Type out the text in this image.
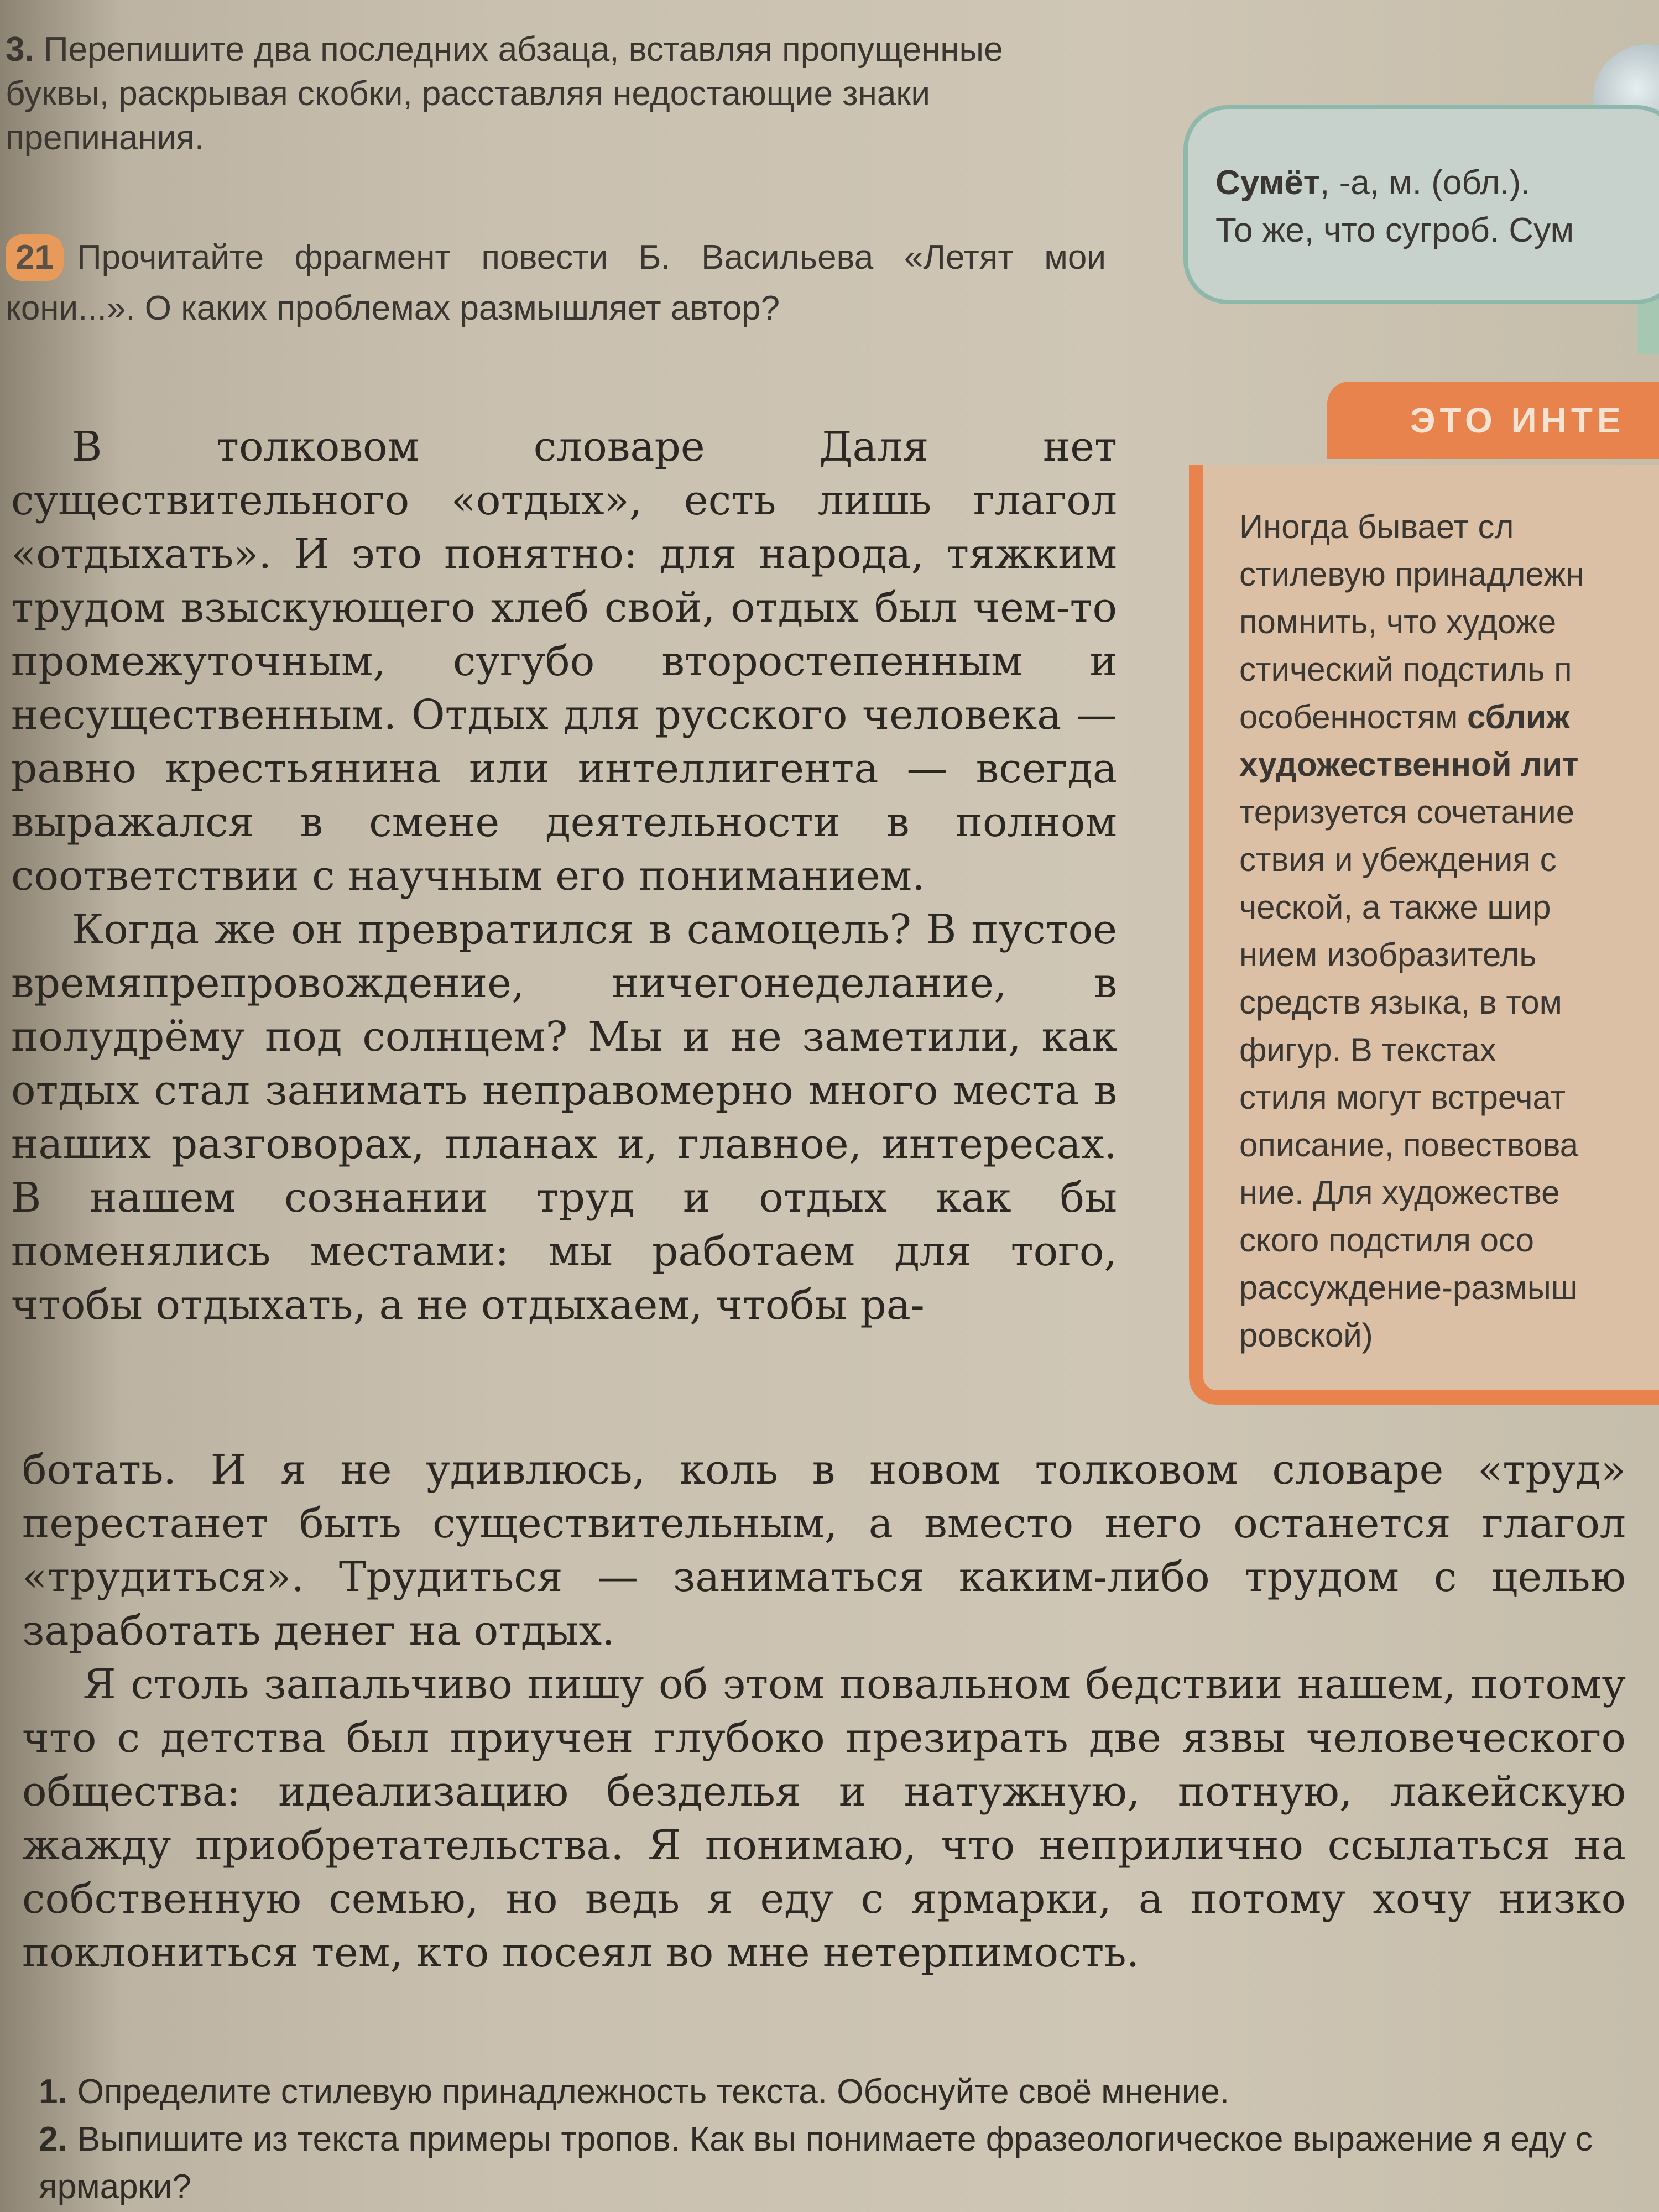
3. Перепишите два последних абзаца, вставляя пропущенные буквы, раскрывая скобки, расставляя недостающие знаки препинания.
21 Прочитайте фрагмент повести Б. Васильева «Летят мои кони...». О каких проблемах размышляет автор?

В толковом словаре Даля нет существительного «отдых», есть лишь глагол «отдыхать». И это понятно: для народа, тяжким трудом взыскующего хлеб свой, отдых был чем-то промежуточным, сугубо второстепенным и несущественным. Отдых для русского человека — равно крестьянина или интеллигента — всегда выражался в смене деятельности в полном соответствии с научным его пониманием.

Когда же он превратился в самоцель? В пустое времяпрепровождение, ничегонеделание, в полудрёму под солнцем? Мы и не заметили, как отдых стал занимать неправомерно много места в наших разговорах, планах и, главное, интересах. В нашем сознании труд и отдых как бы поменялись местами: мы работаем для того, чтобы отдыхать, а не отдыхаем, чтобы ра-

ботать. И я не удивлюсь, коль в новом толковом словаре «труд» перестанет быть существительным, а вместо него останется глагол «трудиться». Трудиться — заниматься каким-либо трудом с целью заработать денег на отдых.

Я столь запальчиво пишу об этом повальном бедствии нашем, потому что с детства был приучен глубоко презирать две язвы человеческого общества: идеализацию безделья и натужную, потную, лакейскую жажду приобретательства. Я понимаю, что неприлично ссылаться на собственную семью, но ведь я еду с ярмарки, а потому хочу низко поклониться тем, кто посеял во мне нетерпимость.

1. Определите стилевую принадлежность текста. Обоснуйте своё мнение.
2. Выпишите из текста примеры тропов. Как вы понимаете фразеологическое выражение я еду с ярмарки?
Сумёт, -а, м. (обл.).
То же, что сугроб. Сум
ЭТО ИНТЕ
Иногда бывает сл
стилевую принадлежн
помнить, что художе
стический подстиль п
особенностям сближ
художественной лит
теризуется сочетание
ствия и убеждения с
ческой, а также шир
нием изобразитель
средств языка, в том
фигур. В текстах
стиля могут встречат
описание, повествова
ние. Для художестве
ского подстиля осо
рассуждение-размыш
ровской)
